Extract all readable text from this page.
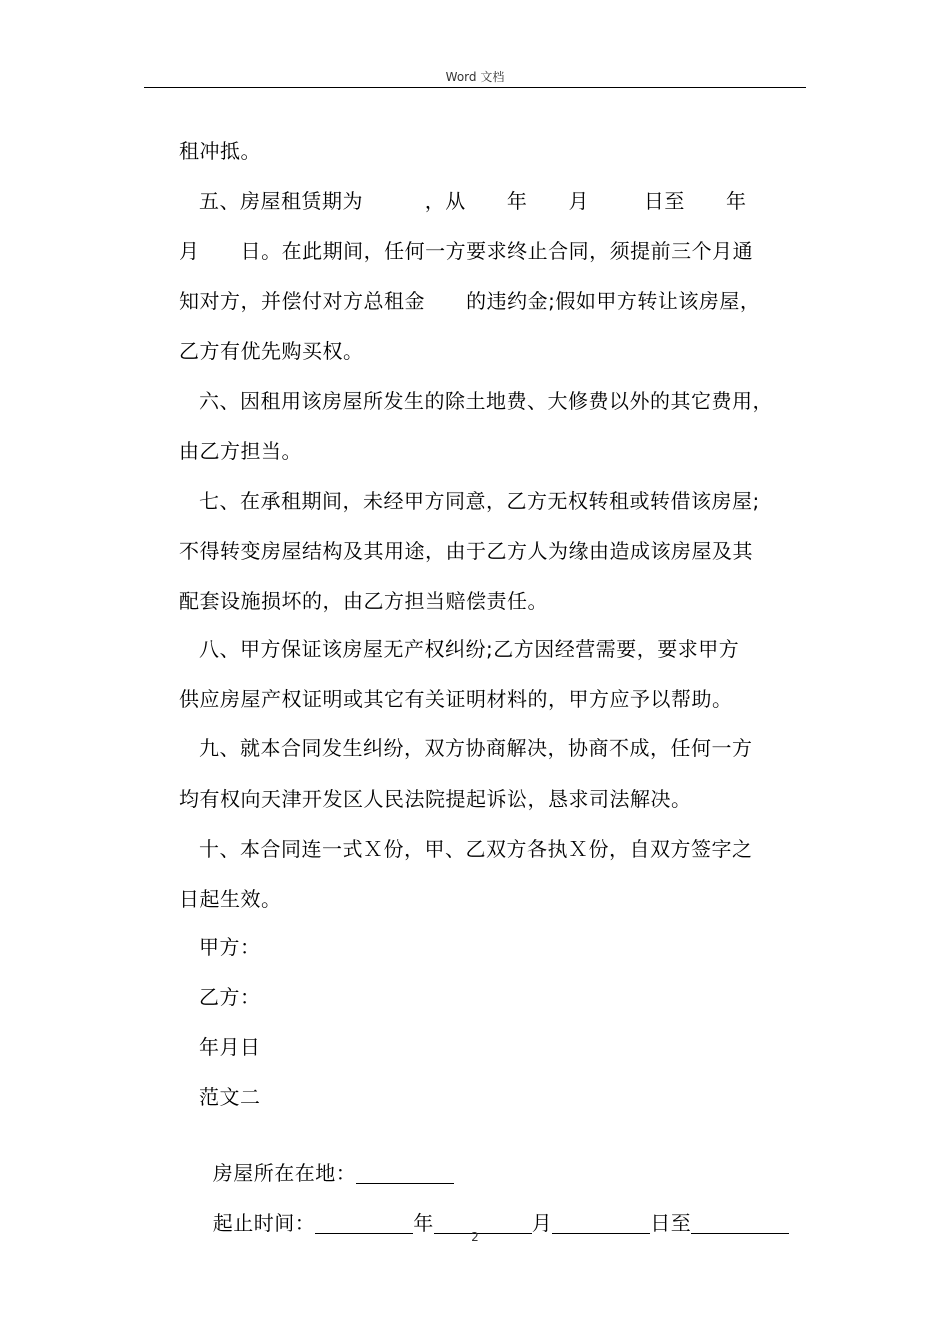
Word 文档
租冲抵。
五、房屋租赁期为         ，从      年      月        日至      年
月      日。在此期间，任何一方要求终止合同，须提前三个月通
知对方，并偿付对方总租金      的违约金;假如甲方转让该房屋，
乙方有优先购买权。
六、因租用该房屋所发生的除土地费、大修费以外的其它费用，
由乙方担当。
七、在承租期间，未经甲方同意，乙方无权转租或转借该房屋;
不得转变房屋结构及其用途，由于乙方人为缘由造成该房屋及其
配套设施损坏的，由乙方担当赔偿责任。
八、甲方保证该房屋无产权纠纷;乙方因经营需要，要求甲方
供应房屋产权证明或其它有关证明材料的，甲方应予以帮助。
九、就本合同发生纠纷，双方协商解决，协商不成，任何一方
均有权向天津开发区人民法院提起诉讼，恳求司法解决。
十、本合同连一式Ｘ份，甲、乙双方各执Ｘ份，自双方签字之
日起生效。
甲方：
乙方：
年月日
范文二

房屋所在在地：

起止时间：	年	月	日至

2
